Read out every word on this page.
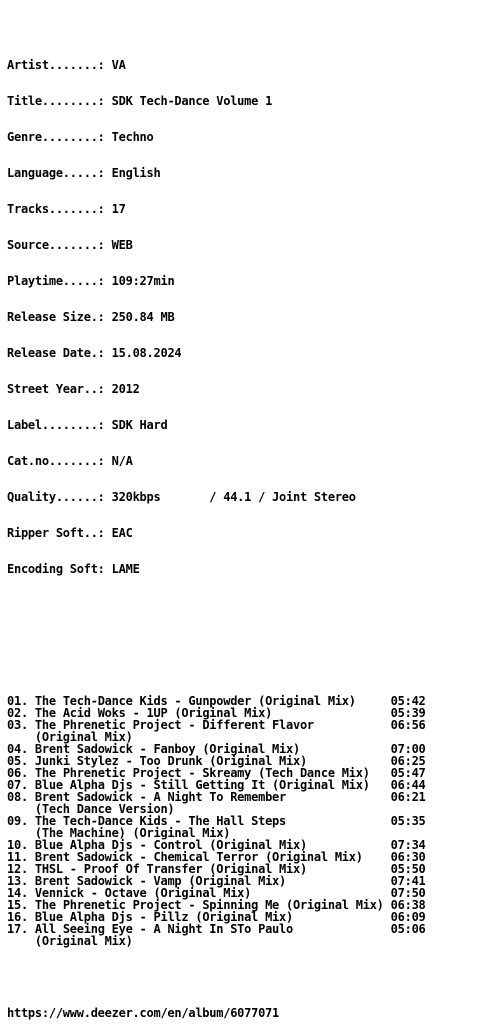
Artist.......: VA

Title........: SDK Tech-Dance Volume 1

Genre........: Techno

Language.....: English

Tracks.......: 17

Source.......: WEB

Playtime.....: 109:27min

Release Size.: 250.84 MB

Release Date.: 15.08.2024

Street Year..: 2012

Label........: SDK Hard

Cat.no.......: N/A

Quality......: 320kbps       / 44.1 / Joint Stereo

Ripper Soft..: EAC

Encoding Soft: LAME

01. The Tech-Dance Kids - Gunpowder (Original Mix)	05:42
02. The Acid Woks - 1UP (Original Mix)	05:39
03. The Phrenetic Project - Different Flavor	06:56
(Original Mix)
04. Brent Sadowick - Fanboy (Original Mix)	07:00
05. Junki Stylez - Too Drunk (Original Mix)	06:25
06. The Phrenetic Project - Skreamy (Tech Dance Mix) 05:47
07. Blue Alpha Djs - Still Getting It (Original Mix) 06:44
08. Brent Sadowick - A Night To Remember	06:21
(Tech Dance Version)
09. The Tech-Dance Kids - The Hall Steps	05:35
(The Machine) (Original Mix)
10. Blue Alpha Djs - Control (Original Mix)	07:34
11. Brent Sadowick - Chemical Terror (Original Mix) 06:30
12. THSL - Proof Of Transfer (Original Mix)	05:50
13. Brent Sadowick - Vamp (Original Mix)	07:41
14. Vennick - Octave (Original Mix)	07:50
15. The Phrenetic Project - Spinning Me (Original Mix) 06:38
16. Blue Alpha Djs - Pillz (Original Mix)	06:09
17. All Seeing Eye - A Night In STo Paulo	05:06
(Original Mix)

https://www.deezer.com/en/album/6077071
